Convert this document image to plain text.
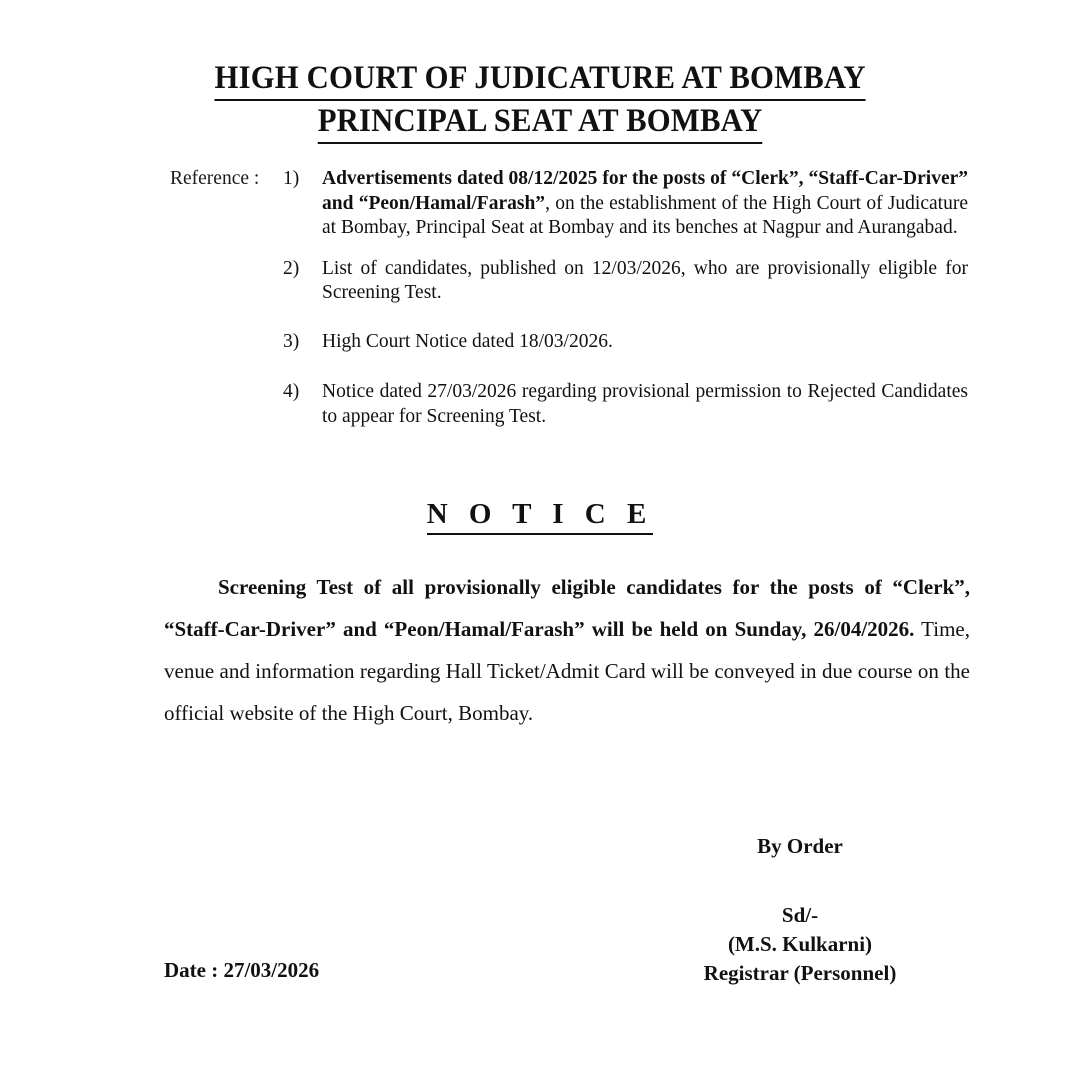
HIGH COURT OF JUDICATURE AT BOMBAY
PRINCIPAL SEAT AT BOMBAY
Reference : 1) Advertisements dated 08/12/2025 for the posts of “Clerk”, “Staff-Car-Driver” and “Peon/Hamal/Farash”, on the establishment of the High Court of Judicature at Bombay, Principal Seat at Bombay and its benches at Nagpur and Aurangabad.
2) List of candidates, published on 12/03/2026, who are provisionally eligible for Screening Test.
3) High Court Notice dated 18/03/2026.
4) Notice dated 27/03/2026 regarding provisional permission to Rejected Candidates to appear for Screening Test.
N O T I C E
Screening Test of all provisionally eligible candidates for the posts of “Clerk”, “Staff-Car-Driver” and “Peon/Hamal/Farash” will be held on Sunday, 26/04/2026. Time, venue and information regarding Hall Ticket/Admit Card will be conveyed in due course on the official website of the High Court, Bombay.
By Order
Sd/-
(M.S. Kulkarni)
Registrar (Personnel)
Date : 27/03/2026
